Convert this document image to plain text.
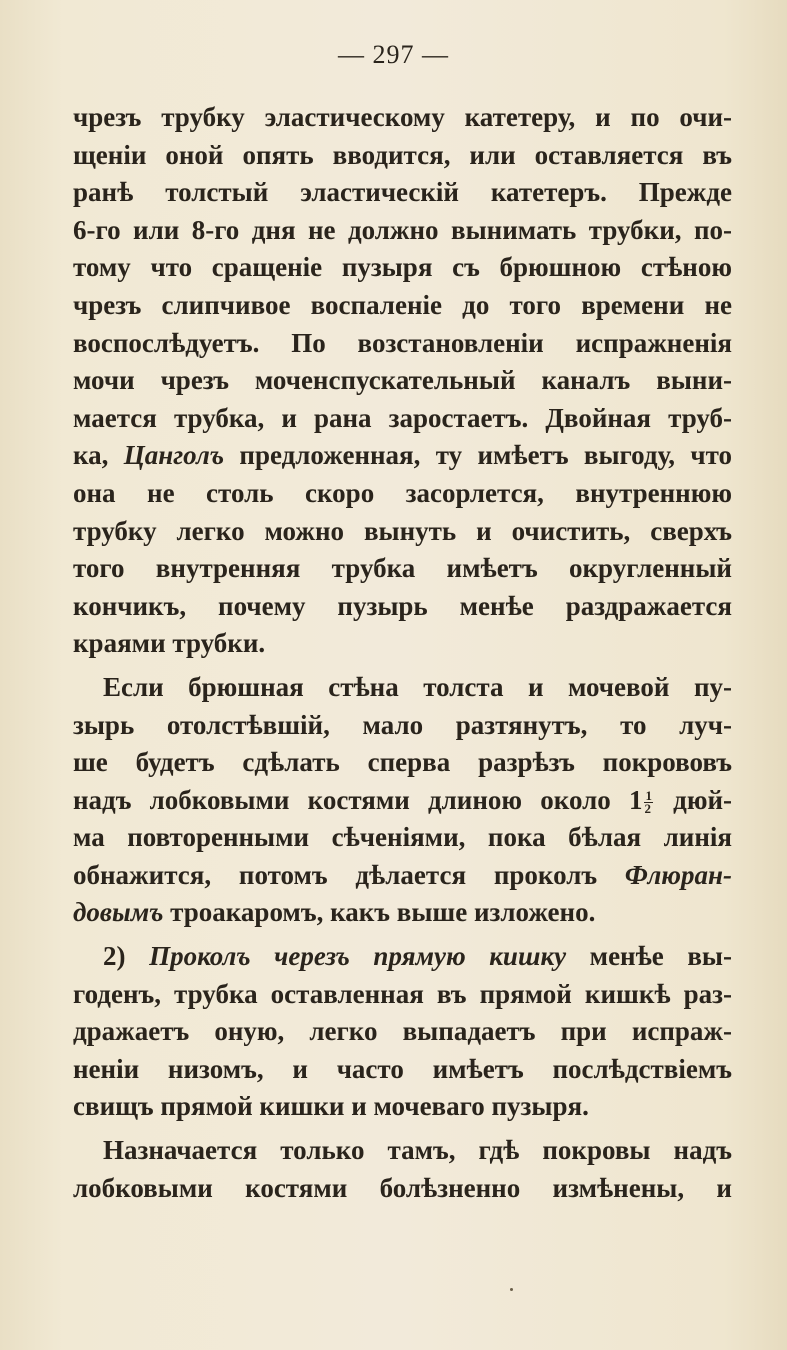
— 297 —
чрезъ трубку эластическому катетеру, и по очи-
щеніи оной опять вводится, или оставляется въ
ранѣ толстый эластическій катетеръ. Прежде
6-го или 8-го дня не должно вынимать трубки, по-
тому что сращеніе пузыря съ брюшною стѣною
чрезъ слипчивое воспаленіе до того времени не
воспослѣдуетъ. По возстановленіи испражненія
мочи чрезъ моченспускательный каналъ выни-
мается трубка, и рана заростаетъ. Двойная труб-
ка, Цанголъ предложенная, ту имѣетъ выгоду, что
она не столь скоро засорлется, внутреннюю
трубку легко можно вынуть и очистить, сверхъ
того внутренняя трубка имѣетъ округленный
кончикъ, почему пузырь менѣе раздражается
краями трубки.
Если брюшная стѣна толста и мочевой пу-
зырь отолстѣвшій, мало разтянутъ, то луч-
ше будетъ сдѣлать сперва разрѣзъ покрововъ
надъ лобковыми костями длиною около $1 \frac{1}{2} дюй-$
ма повторенными сѣченіями, пока бѣлая линія
обнажится, потомъ дѣлается проколъ Флюран-
довымъ троакаромъ, какъ выше изложено.
2) Проколъ черезъ прямую кишку менѣе вы-
годенъ, трубка оставленная въ прямой кишкѣ раз-
дражаетъ оную, легко выпадаетъ при испраж-
неніи низомъ, и часто имѣетъ послѣдствіемъ
свищъ прямой кишки и мочеваго пузыря.
Назначается только тамъ, гдѣ покровы надъ
лобковыми костями болѣзненно измѣнены, и
